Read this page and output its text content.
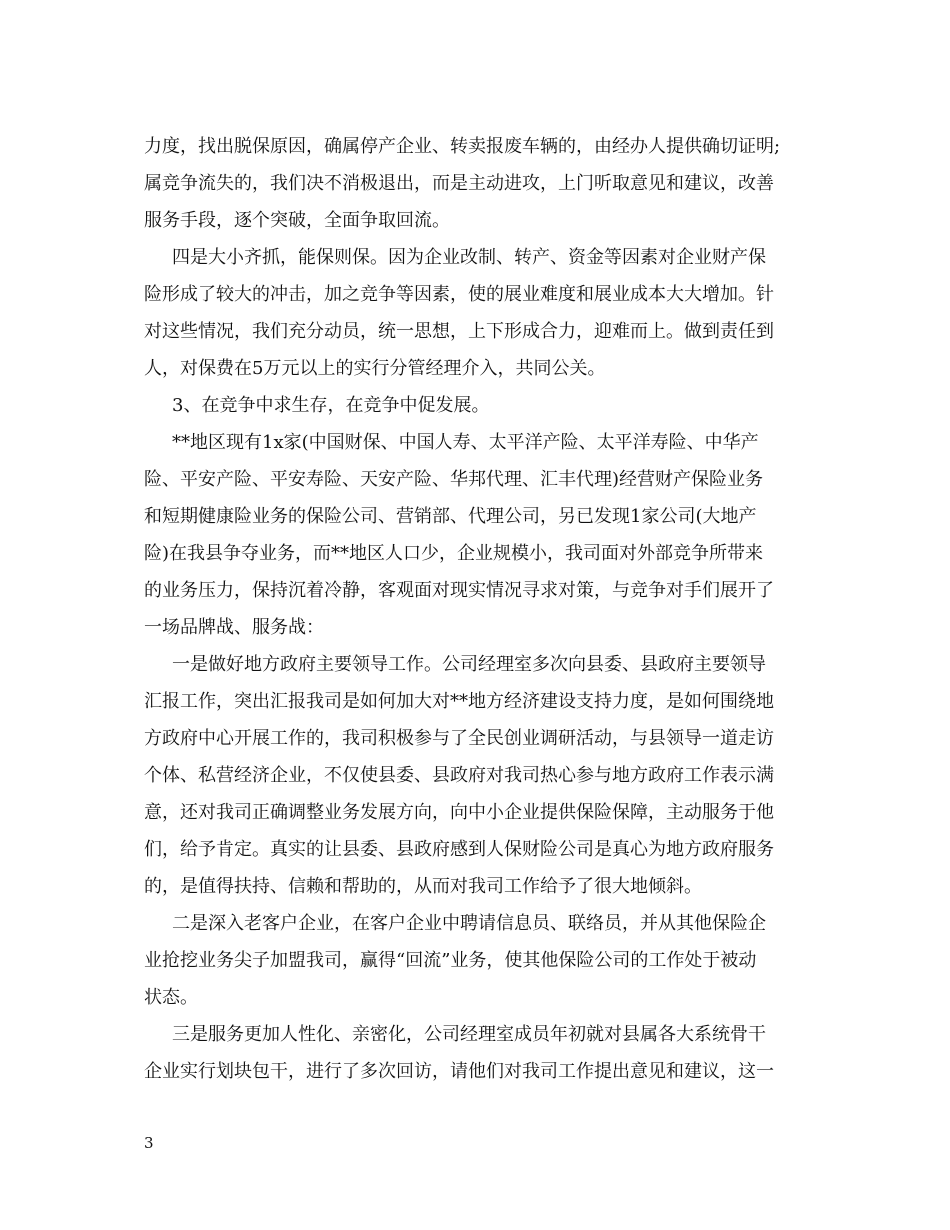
力度，找出脱保原因，确属停产企业、转卖报废车辆的，由经办人提供确切证明;
属竞争流失的，我们决不消极退出，而是主动进攻，上门听取意见和建议，改善
服务手段，逐个突破，全面争取回流。
四是大小齐抓，能保则保。因为企业改制、转产、资金等因素对企业财产保
险形成了较大的冲击，加之竞争等因素，使的展业难度和展业成本大大增加。针
对这些情况，我们充分动员，统一思想，上下形成合力，迎难而上。做到责任到
人，对保费在5万元以上的实行分管经理介入，共同公关。
3、在竞争中求生存，在竞争中促发展。
**地区现有1x家(中国财保、中国人寿、太平洋产险、太平洋寿险、中华产
险、平安产险、平安寿险、天安产险、华邦代理、汇丰代理)经营财产保险业务
和短期健康险业务的保险公司、营销部、代理公司，另已发现1家公司(大地产
险)在我县争夺业务，而**地区人口少，企业规模小，我司面对外部竞争所带来
的业务压力，保持沉着冷静，客观面对现实情况寻求对策，与竞争对手们展开了
一场品牌战、服务战：
一是做好地方政府主要领导工作。公司经理室多次向县委、县政府主要领导
汇报工作，突出汇报我司是如何加大对**地方经济建设支持力度，是如何围绕地
方政府中心开展工作的，我司积极参与了全民创业调研活动，与县领导一道走访
个体、私营经济企业，不仅使县委、县政府对我司热心参与地方政府工作表示满
意，还对我司正确调整业务发展方向，向中小企业提供保险保障，主动服务于他
们，给予肯定。真实的让县委、县政府感到人保财险公司是真心为地方政府服务
的，是值得扶持、信赖和帮助的，从而对我司工作给予了很大地倾斜。
二是深入老客户企业，在客户企业中聘请信息员、联络员，并从其他保险企
业抢挖业务尖子加盟我司，赢得“回流”业务，使其他保险公司的工作处于被动
状态。
三是服务更加人性化、亲密化，公司经理室成员年初就对县属各大系统骨干
企业实行划块包干，进行了多次回访，请他们对我司工作提出意见和建议，这一
3
